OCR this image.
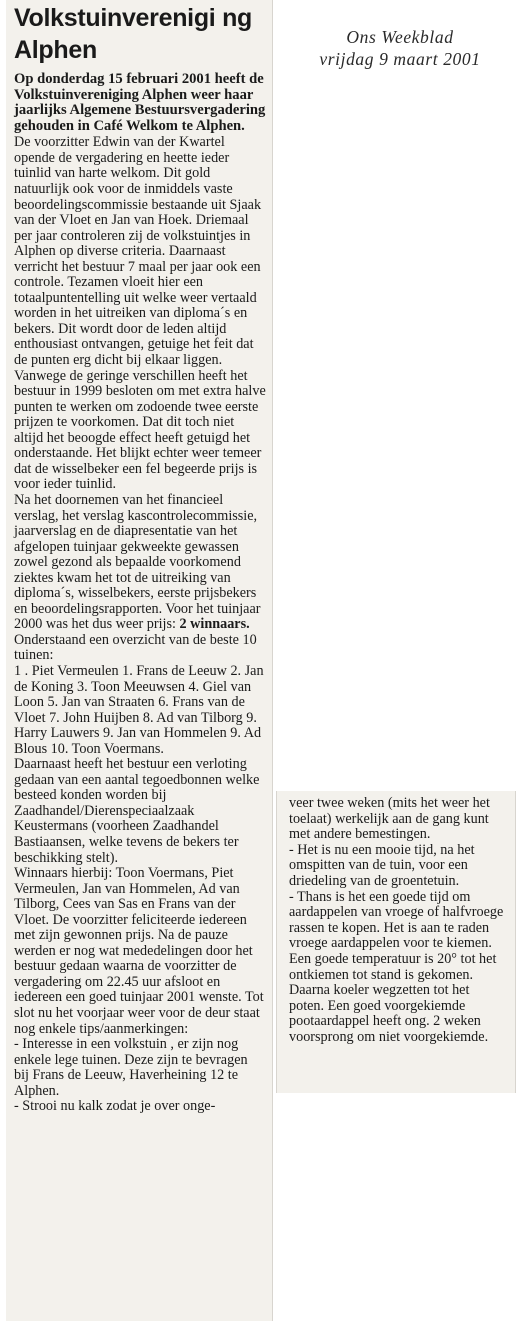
Volkstuinverenigi ng Alphen

Op donderdag 15 februari 2001 heeft de Volkstuinvereniging Alphen weer haar jaarlijks Algemene Bestuursvergadering gehouden in Café Welkom te Alphen.

De voorzitter Edwin van der Kwartel opende de vergadering en heette ieder tuinlid van harte welkom. Dit gold natuurlijk ook voor de inmiddels vaste beoordelingscommissie bestaande uit Sjaak van der Vloet en Jan van Hoek. Driemaal per jaar controleren zij de volkstuintjes in Alphen op diverse criteria. Daarnaast verricht het bestuur 7 maal per jaar ook een controle. Tezamen vloeit hier een totaalpuntentelling uit welke weer vertaald worden in het uitreiken van diploma´s en bekers. Dit wordt door de leden altijd enthousiast ontvangen, getuige het feit dat de punten erg dicht bij elkaar liggen. Vanwege de geringe verschillen heeft het bestuur in 1999 besloten om met extra halve punten te werken om zodoende twee eerste prijzen te voorkomen. Dat dit toch niet altijd het beoogde effect heeft getuigd het onderstaande. Het blijkt echter weer temeer dat de wisselbeker een fel begeerde prijs is voor ieder tuinlid.

Na het doornemen van het financieel verslag, het verslag kascontrolecommissie, jaarverslag en de diapresentatie van het afgelopen tuinjaar gekweekte gewassen zowel gezond als bepaalde voorkomend ziektes kwam het tot de uitreiking van diploma´s, wisselbekers, eerste prijsbekers en beoordelingsrapporten. Voor het tuinjaar 2000 was het dus weer prijs: 2 winnaars. Onderstaand een overzicht van de beste 10 tuinen:

1 . Piet Vermeulen 1. Frans de Leeuw 2. Jan de Koning 3. Toon Meeuwsen 4. Giel van Loon 5. Jan van Straaten 6. Frans van de Vloet 7. John Huijben 8. Ad van Tilborg 9. Harry Lauwers 9. Jan van Hommelen 9. Ad Blous 10. Toon Voermans.

Daarnaast heeft het bestuur een verloting gedaan van een aantal tegoedbonnen welke besteed konden worden bij Zaadhandel/Dierenspeciaalzaak Keustermans (voorheen Zaadhandel Bastiaansen, welke tevens de bekers ter beschikking stelt).

Winnaars hierbij: Toon Voermans, Piet Vermeulen, Jan van Hommelen, Ad van Tilborg, Cees van Sas en Frans van der Vloet. De voorzitter feliciteerde iedereen met zijn gewonnen prijs. Na de pauze werden er nog wat mededelingen door het bestuur gedaan waarna de voorzitter de vergadering om 22.45 uur afsloot en iedereen een goed tuinjaar 2001 wenste. Tot slot nu het voorjaar weer voor de deur staat nog enkele tips/aanmerkingen:

- Interesse in een volkstuin , er zijn nog enkele lege tuinen. Deze zijn te bevragen bij Frans de Leeuw, Haverheining 12 te Alphen.

- Strooi nu kalk zodat je over onge-

Ons Weekblad
vrijdag 9 maart 2001

veer twee weken (mits het weer het toelaat) werkelijk aan de gang kunt met andere bemestingen.

- Het is nu een mooie tijd, na het omspitten van de tuin, voor een driedeling van de groentetuin.

- Thans is het een goede tijd om aardappelen van vroege of halfvroege rassen te kopen. Het is aan te raden vroege aardappelen voor te kiemen. Een goede temperatuur is 20° tot het ontkiemen tot stand is gekomen. Daarna koeler wegzetten tot het poten. Een goed voorgekiemde pootaardappel heeft ong. 2 weken voorsprong om niet voorgekiemde.
